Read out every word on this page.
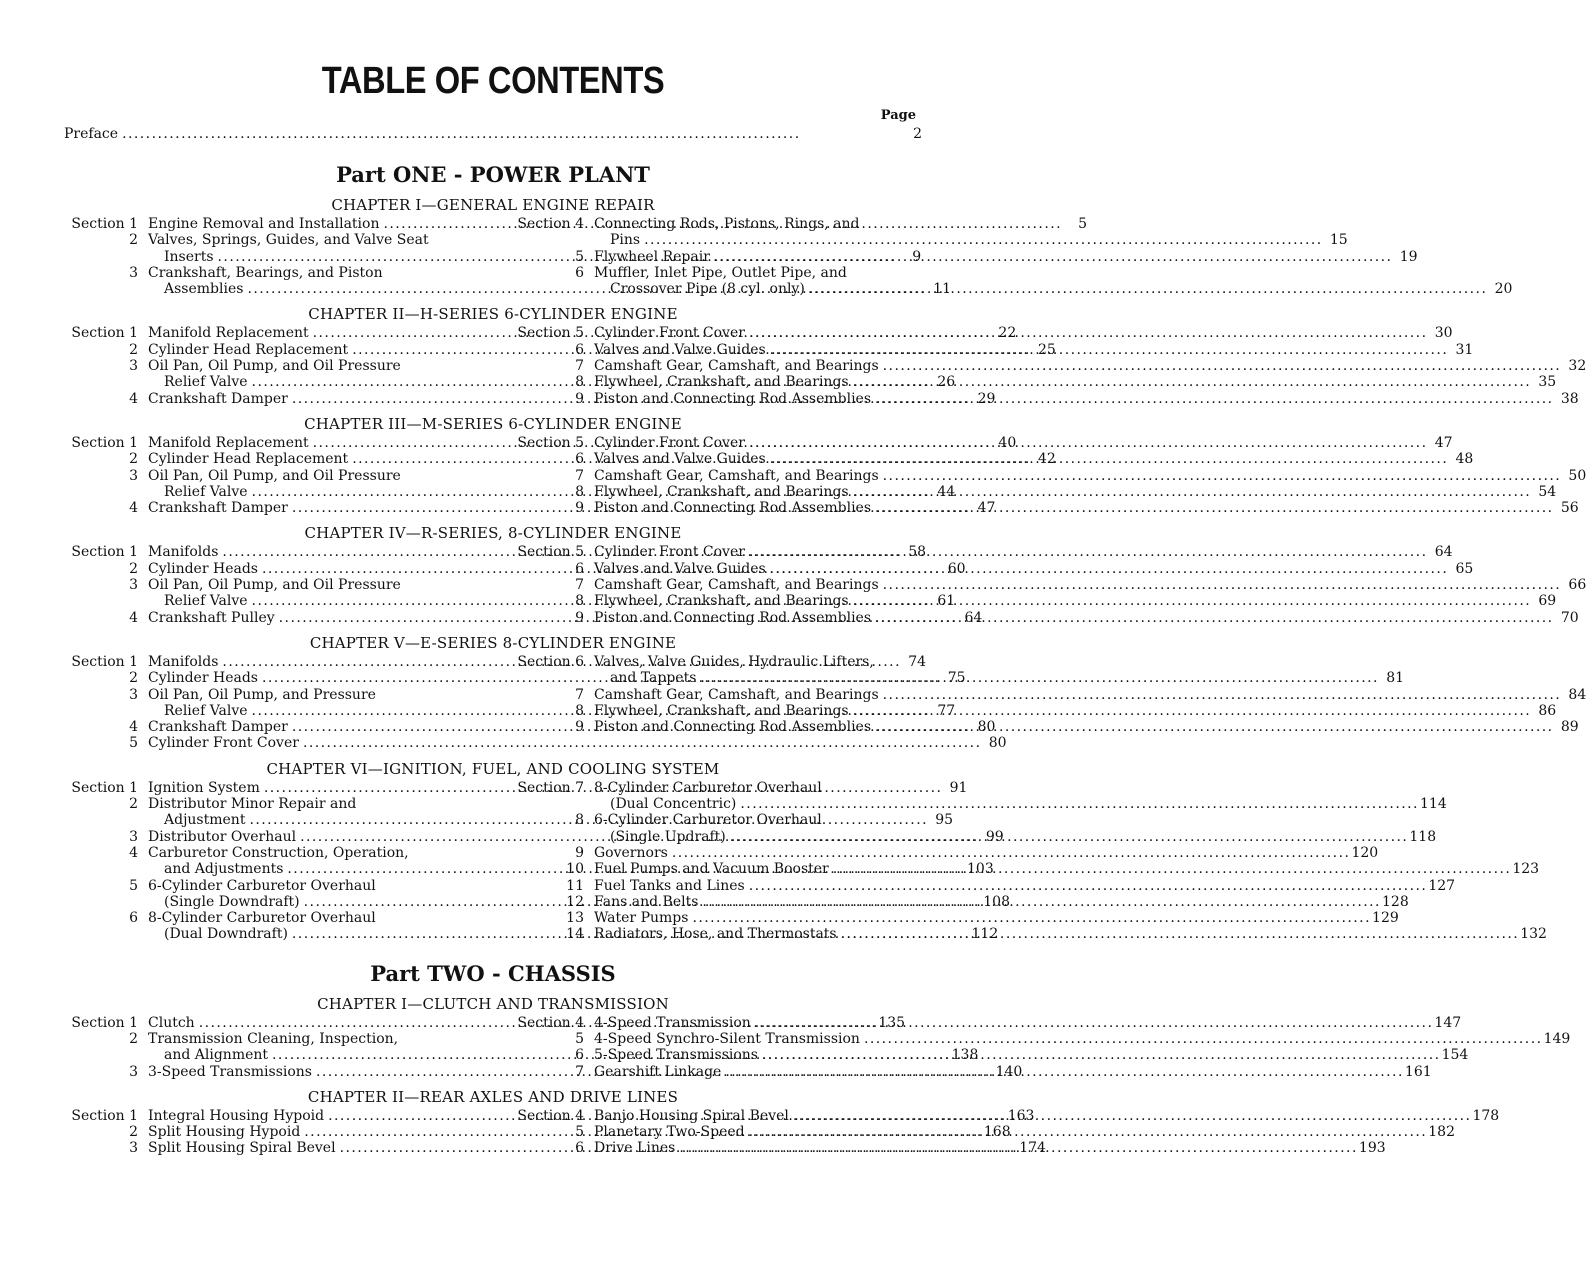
TABLE OF CONTENTS
Page
Preface . . .	2
Part ONE - POWER PLANT
CHAPTER I—GENERAL ENGINE REPAIR
Section 1 Engine Removal and Installation . . .	5
2 Valves, Springs, Guides, and Valve Seat
Inserts . . .	9
3 Crankshaft, Bearings, and Piston
Assemblies . . .	11
Section 4 Connecting Rods, Pistons, Rings, and
Pins . . .	15
5 Flywheel Repair . . .	19
6 Muffler, Inlet Pipe, Outlet Pipe, and
Crossover Pipe (8 cyl. only) . . .	20
CHAPTER II—H-SERIES 6-CYLINDER ENGINE
Section 1 Manifold Replacement . . .	22
2 Cylinder Head Replacement . . .	25
3 Oil Pan, Oil Pump, and Oil Pressure
Relief Valve . . .	26
4 Crankshaft Damper . . .	29
Section 5 Cylinder Front Cover . . .	30
6 Valves and Valve Guides . . .	31
7 Camshaft Gear, Camshaft, and Bearings . . .	32
8 Flywheel, Crankshaft, and Bearings . . .	35
9 Piston and Connecting Rod Assemblies . . .	38
CHAPTER III—M-SERIES 6-CYLINDER ENGINE
Section 1 Manifold Replacement . . .	40
2 Cylinder Head Replacement . . .	42
3 Oil Pan, Oil Pump, and Oil Pressure
Relief Valve . . .	44
4 Crankshaft Damper . . .	47
Section 5 Cylinder Front Cover . . .	47
6 Valves and Valve Guides . . .	48
7 Camshaft Gear, Camshaft, and Bearings . . .	50
8 Flywheel, Crankshaft, and Bearings . . .	54
9 Piston and Connecting Rod Assemblies . . .	56
CHAPTER IV—R-SERIES, 8-CYLINDER ENGINE
Section 1 Manifolds . . .	58
2 Cylinder Heads . . .	60
3 Oil Pan, Oil Pump, and Oil Pressure
Relief Valve . . .	61
4 Crankshaft Pulley . . .	64
Section 5 Cylinder Front Cover . . .	64
6 Valves and Valve Guides . . .	65
7 Camshaft Gear, Camshaft, and Bearings . . .	66
8 Flywheel, Crankshaft, and Bearings . . .	69
9 Piston and Connecting Rod Assemblies . . .	70
CHAPTER V—E-SERIES 8-CYLINDER ENGINE
Section 1 Manifolds . . .	74
2 Cylinder Heads . . .	75
3 Oil Pan, Oil Pump, and Pressure
Relief Valve . . .	77
4 Crankshaft Damper . . .	80
5 Cylinder Front Cover . . .	80
Section 6 Valves, Valve Guides, Hydraulic Lifters,
and Tappets . . .	81
7 Camshaft Gear, Camshaft, and Bearings . . .	84
8 Flywheel, Crankshaft, and Bearings . . .	86
9 Piston and Connecting Rod Assemblies . . .	89
CHAPTER VI—IGNITION, FUEL, AND COOLING SYSTEM
Section 1 Ignition System . . .	91
2 Distributor Minor Repair and
Adjustment . . .	95
3 Distributor Overhaul . . .	99
4 Carburetor Construction, Operation,
and Adjustments . . .	103
5 6-Cylinder Carburetor Overhaul
(Single Downdraft) . . .	108
6 8-Cylinder Carburetor Overhaul
(Dual Downdraft) . . .	112
Section 7 8-Cylinder Carburetor Overhaul
(Dual Concentric) . . .	114
8 6-Cylinder Carburetor Overhaul
(Single Updraft) . . .	118
9 Governors . . .	120
10 Fuel Pumps and Vacuum Booster . . .	123
11 Fuel Tanks and Lines . . .	127
12 Fans and Belts . . .	128
13 Water Pumps . . .	129
14 Radiators, Hose, and Thermostats . . .	132
Part TWO - CHASSIS
CHAPTER I—CLUTCH AND TRANSMISSION
Section 1 Clutch . . .	135
2 Transmission Cleaning, Inspection,
and Alignment . . .	138
3 3-Speed Transmissions . . .	140
Section 4 4-Speed Transmission . . .	147
5 4-Speed Synchro-Silent Transmission . . .	149
6 5-Speed Transmissions . . .	154
7 Gearshift Linkage . . .	161
CHAPTER II—REAR AXLES AND DRIVE LINES
Section 1 Integral Housing Hypoid . . .	163
2 Split Housing Hypoid . . .	168
3 Split Housing Spiral Bevel . . .	174
Section 4 Banjo Housing Spiral Bevel . . .	178
5 Planetary Two-Speed . . .	182
6 Drive Lines . . .	193
